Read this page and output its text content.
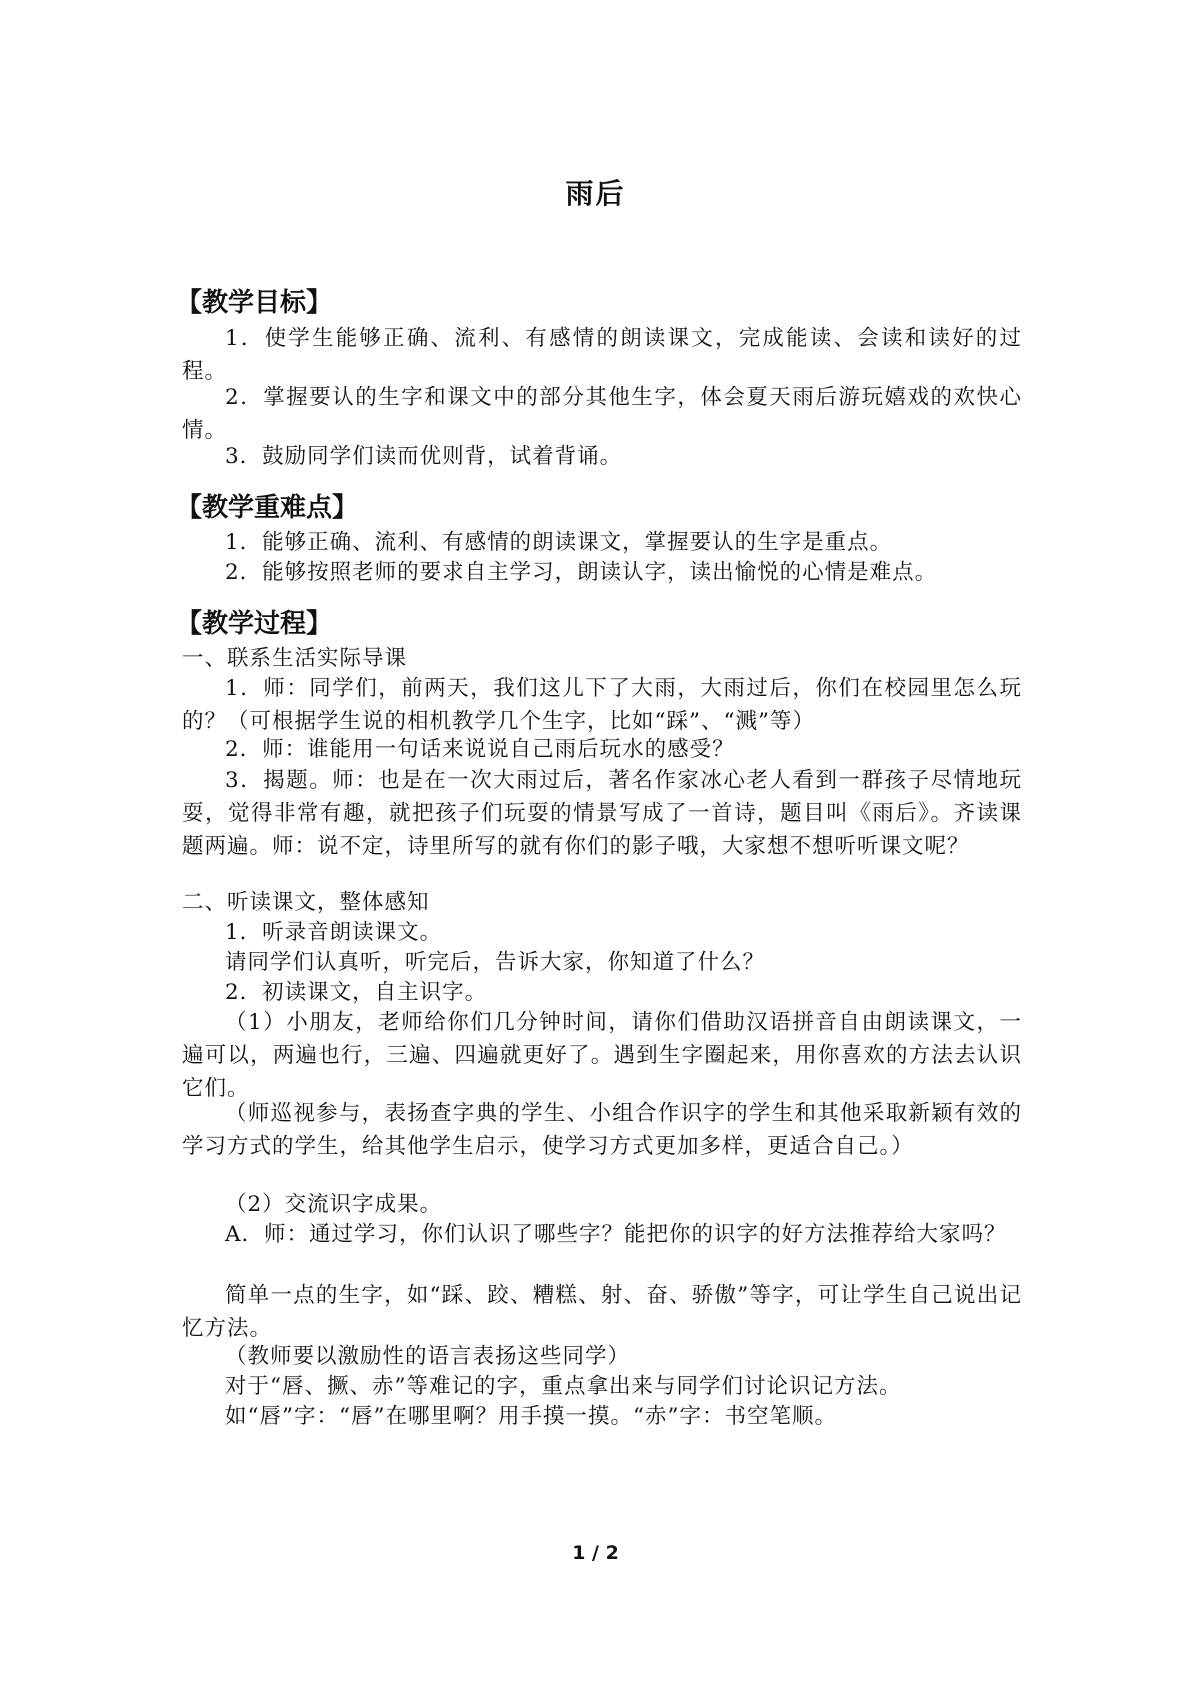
雨后
【教学目标】
1．使学生能够正确、流利、有感情的朗读课文，完成能读、会读和读好的过程。
2．掌握要认的生字和课文中的部分其他生字，体会夏天雨后游玩嬉戏的欢快心情。
3．鼓励同学们读而优则背，试着背诵。
【教学重难点】
1．能够正确、流利、有感情的朗读课文，掌握要认的生字是重点。
2．能够按照老师的要求自主学习，朗读认字，读出愉悦的心情是难点。
【教学过程】
一、联系生活实际导课
1．师：同学们，前两天，我们这儿下了大雨，大雨过后，你们在校园里怎么玩的？（可根据学生说的相机教学几个生字，比如“踩”、“溅”等）
2．师：谁能用一句话来说说自己雨后玩水的感受？
3．揭题。师：也是在一次大雨过后，著名作家冰心老人看到一群孩子尽情地玩耍，觉得非常有趣，就把孩子们玩耍的情景写成了一首诗，题目叫《雨后》。齐读课题两遍。师：说不定，诗里所写的就有你们的影子哦，大家想不想听听课文呢？
二、听读课文，整体感知
1．听录音朗读课文。
请同学们认真听，听完后，告诉大家，你知道了什么？
2．初读课文，自主识字。
（1）小朋友，老师给你们几分钟时间，请你们借助汉语拼音自由朗读课文，一遍可以，两遍也行，三遍、四遍就更好了。遇到生字圈起来，用你喜欢的方法去认识它们。
（师巡视参与，表扬查字典的学生、小组合作识字的学生和其他采取新颖有效的学习方式的学生，给其他学生启示，使学习方式更加多样，更适合自己。）
（2）交流识字成果。
A．师：通过学习，你们认识了哪些字？能把你的识字的好方法推荐给大家吗？
简单一点的生字，如“踩、跤、糟糕、射、奋、骄傲”等字，可让学生自己说出记忆方法。
（教师要以激励性的语言表扬这些同学）
对于“唇、撅、赤”等难记的字，重点拿出来与同学们讨论识记方法。
如“唇”字：“唇”在哪里啊？用手摸一摸。“赤”字：书空笔顺。
1 / 2
